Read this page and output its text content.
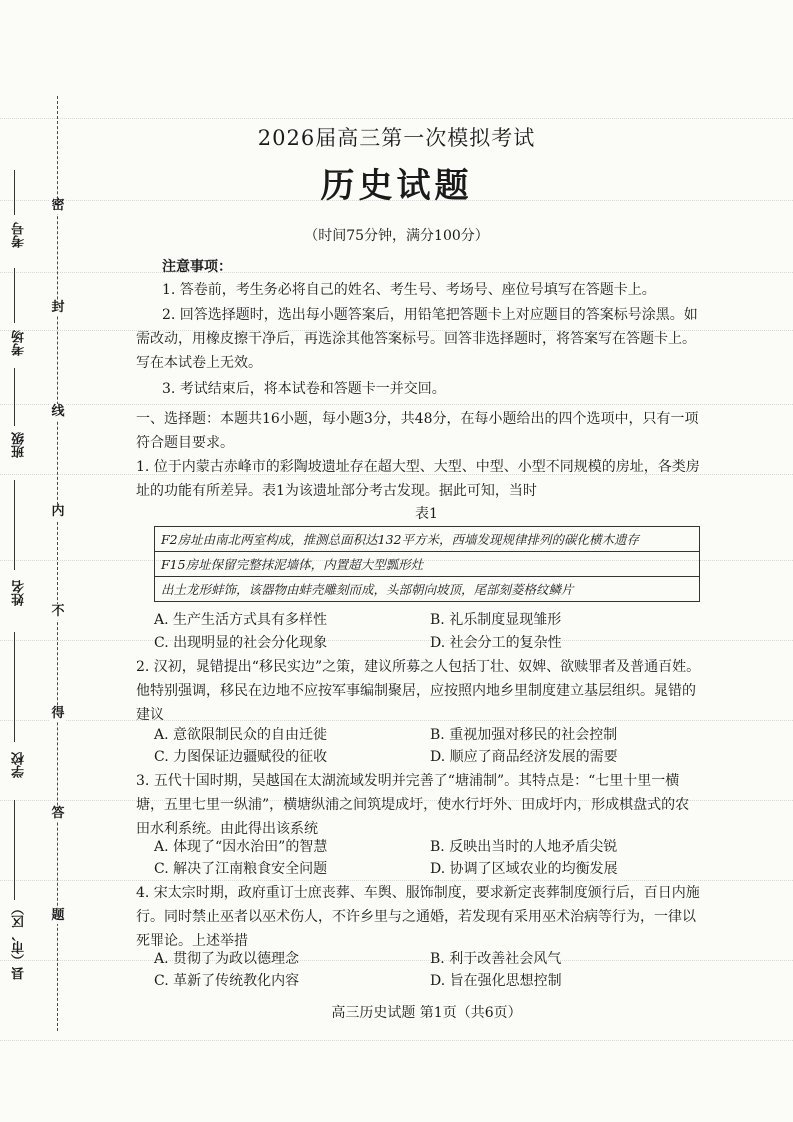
密
封
线
内
不
得
答
题
考号
考场
班级
姓名
学校
县（市、区）
2026届高三第一次模拟考试
历史试题
（时间75分钟，满分100分）
注意事项：
1. 答卷前，考生务必将自己的姓名、考生号、考场号、座位号填写在答题卡上。
2. 回答选择题时，选出每小题答案后，用铅笔把答题卡上对应题目的答案标号涂黑。如需改动，用橡皮擦干净后，再选涂其他答案标号。回答非选择题时，将答案写在答题卡上。写在本试卷上无效。
3. 考试结束后，将本试卷和答题卡一并交回。
一、选择题：本题共16小题，每小题3分，共48分，在每小题给出的四个选项中，只有一项符合题目要求。
1. 位于内蒙古赤峰市的彩陶坡遗址存在超大型、大型、中型、小型不同规模的房址，各类房址的功能有所差异。表1为该遗址部分考古发现。据此可知，当时
表1
F2房址由南北两室构成，推测总面积达132平方米，西墙发现规律排列的碳化横木遗存
F15房址保留完整抹泥墙体，内置超大型瓢形灶
出土龙形蚌饰，该器物由蚌壳雕刻而成，头部朝向坡顶，尾部刻菱格纹鳞片
A. 生产生活方式具有多样性	B. 礼乐制度显现雏形
C. 出现明显的社会分化现象	D. 社会分工的复杂性
2. 汉初，晁错提出“移民实边”之策，建议所募之人包括丁壮、奴婢、欲赎罪者及普通百姓。他特别强调，移民在边地不应按军事编制聚居，应按照内地乡里制度建立基层组织。晁错的建议
A. 意欲限制民众的自由迁徙	B. 重视加强对移民的社会控制
C. 力图保证边疆赋役的征收	D. 顺应了商品经济发展的需要
3. 五代十国时期，吴越国在太湖流域发明并完善了“塘浦制”。其特点是：“七里十里一横塘，五里七里一纵浦”，横塘纵浦之间筑堤成圩，使水行圩外、田成圩内，形成棋盘式的农田水利系统。由此得出该系统
A. 体现了“因水治田”的智慧	B. 反映出当时的人地矛盾尖锐
C. 解决了江南粮食安全问题	D. 协调了区域农业的均衡发展
4. 宋太宗时期，政府重订士庶丧葬、车舆、服饰制度，要求新定丧葬制度颁行后，百日内施行。同时禁止巫者以巫术伤人，不许乡里与之通婚，若发现有采用巫术治病等行为，一律以死罪论。上述举措
A. 贯彻了为政以德理念	B. 利于改善社会风气
C. 革新了传统教化内容	D. 旨在强化思想控制
高三历史试题 第1页（共6页）
